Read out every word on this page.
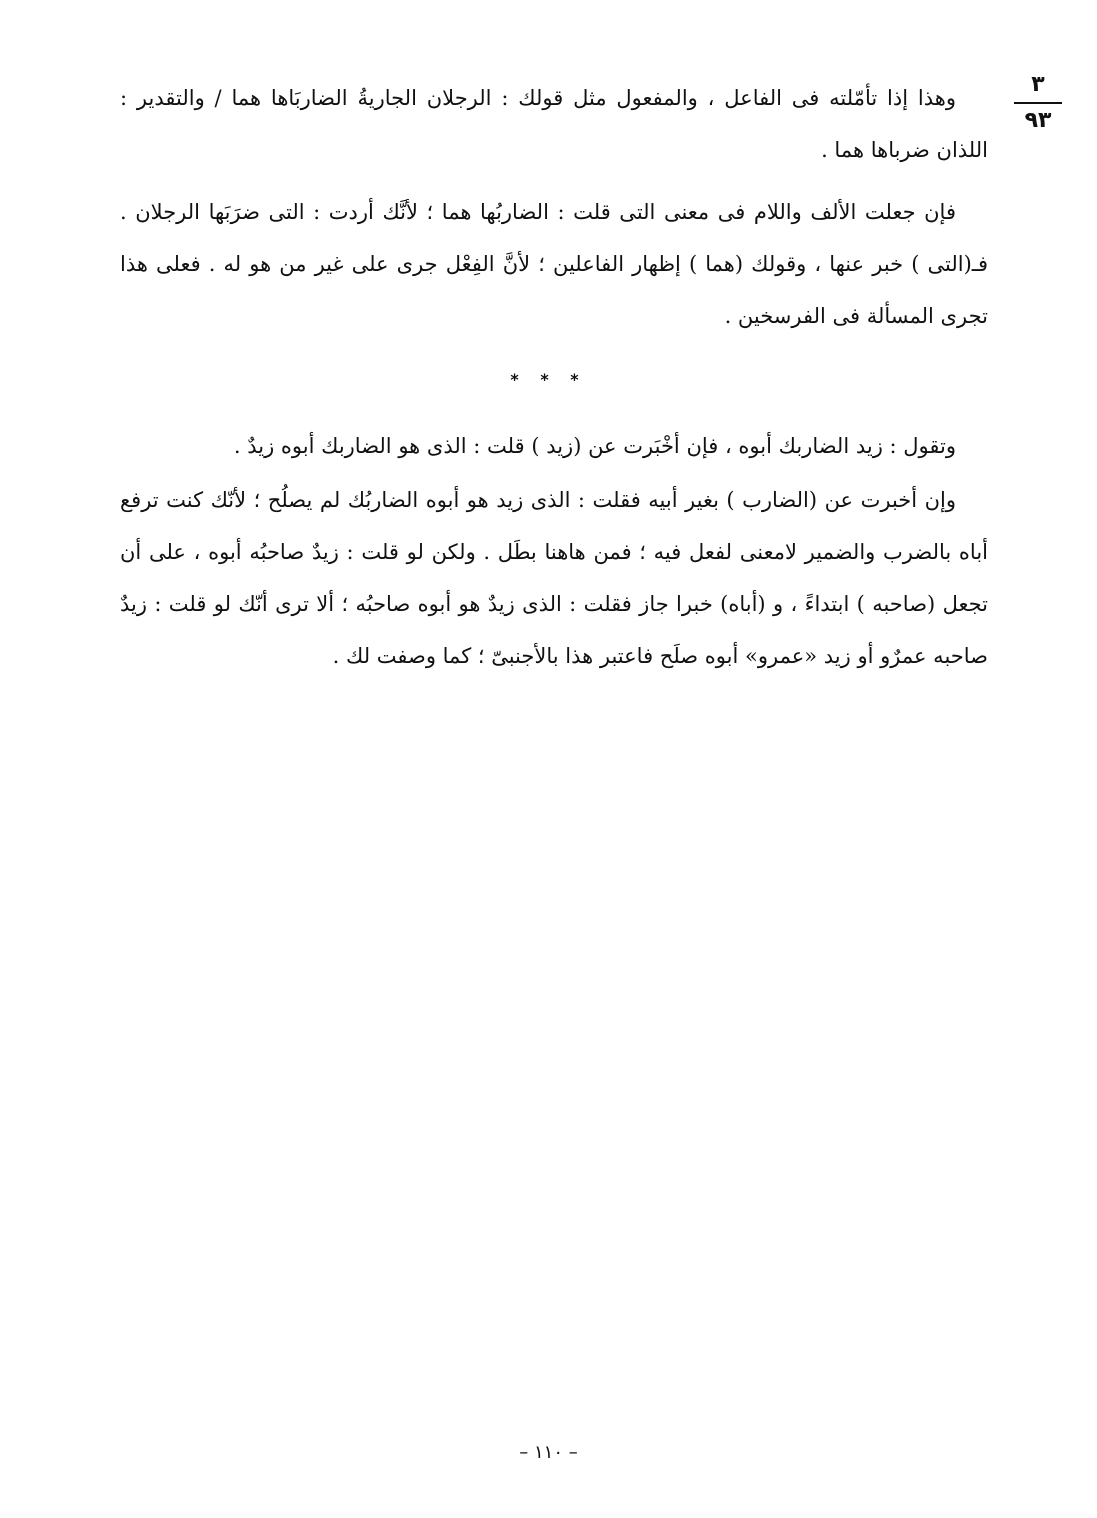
٣
٩٣

وهذا إذا تأمّلته فى الفاعل ، والمفعول مثل قولك : الرجلان الجاريةُ الضاربَاها هما / والتقدير : اللذان ضرباها هما .

فإن جعلت الألف واللام فى معنى التى قلت : الضاربُها هما ؛ لأنَّك أردت : التى ضرَبَها الرجلان . فـ(التى ) خبر عنها ، وقولك (هما ) إظهار الفاعلين ؛ لأنَّ الفِعْل جرى على غير من هو له . فعلى هذا تجرى المسألة فى الفرسخين .

* * *

وتقول : زيد الضاربك أبوه ، فإن أخْبَرت عن (زيد ) قلت : الذى هو الضاربك أبوه زيدٌ .

وإن أخبرت عن (الضارب ) بغير أبيه فقلت : الذى زيد هو أبوه الضاربُك لم يصلُح ؛ لأنّك كنت ترفع أباه بالضرب والضمير لامعنى لفعل فيه ؛ فمن هاهنا بطَل . ولكن لو قلت : زيدٌ صاحبُه أبوه ، على أن تجعل (صاحبه ) ابتداءً ، و (أباه) خبرا جاز فقلت : الذى زيدٌ هو أبوه صاحبُه ؛ ألا ترى أنّك لو قلت : زيدٌ صاحبه عمرٌو أو زيد «عمرو» أبوه صلَح فاعتبر هذا بالأجنبىّ ؛ كما وصفت لك .

– ١١٠ –
